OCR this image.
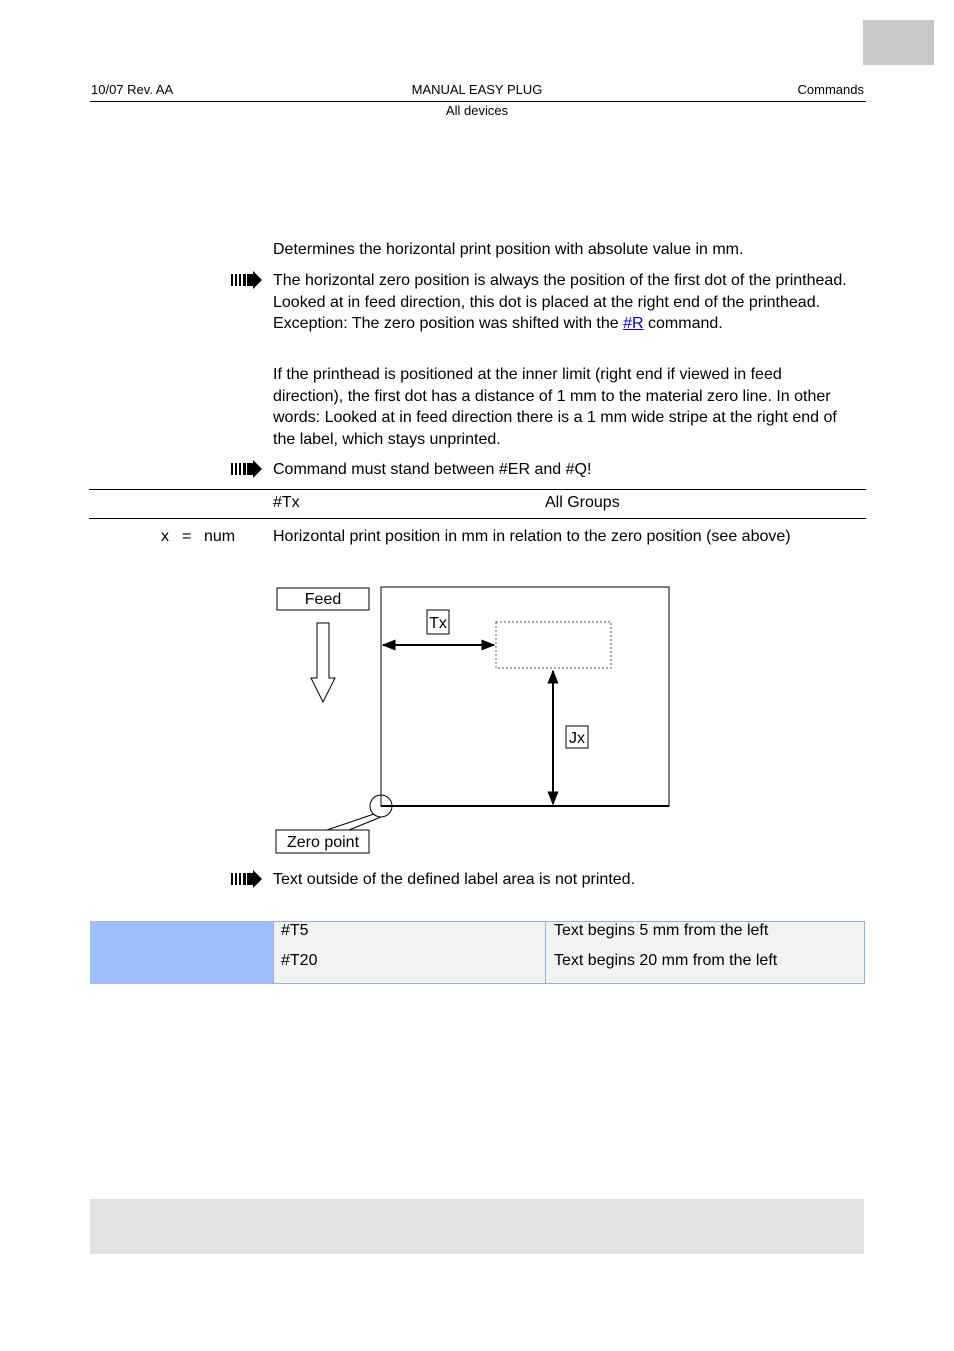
10/07 Rev. AA	MANUAL EASY PLUG	Commands
All devices
Determines the horizontal print position with absolute value in mm.
The horizontal zero position is always the position of the first dot of the printhead. Looked at in feed direction, this dot is placed at the right end of the printhead. Exception: The zero position was shifted with the #R command.
If the printhead is positioned at the inner limit (right end if viewed in feed direction), the first dot has a distance of 1 mm to the material zero line. In other words: Looked at in feed direction there is a 1 mm wide stripe at the right end of the label, which stays unprinted.
Command must stand between #ER and #Q!
#Tx	All Groups
x = num Horizontal print position in mm in relation to the zero position (see above)
Feed
Tx
Jx
Zero point
Text outside of the defined label area is not printed.
#T5	Text begins 5 mm from the left
#T20	Text begins 20 mm from the left
